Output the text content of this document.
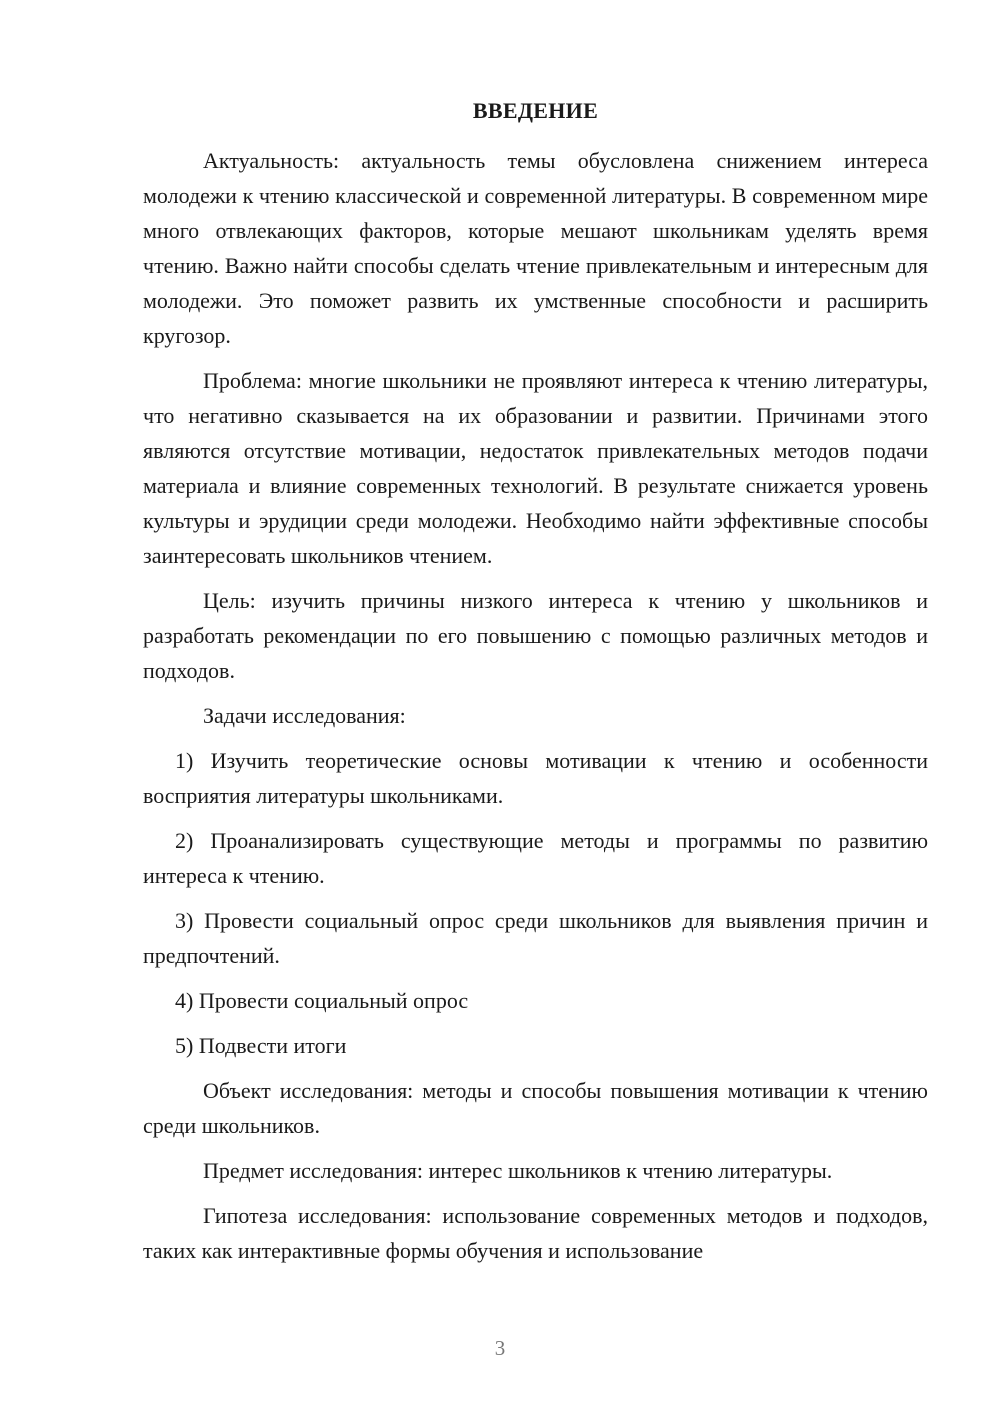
ВВЕДЕНИЕ

Актуальность: актуальность темы обусловлена снижением интереса молодежи к чтению классической и современной литературы. В современном мире много отвлекающих факторов, которые мешают школьникам уделять время чтению. Важно найти способы сделать чтение привлекательным и интересным для молодежи. Это поможет развить их умственные способности и расширить кругозор.

Проблема: многие школьники не проявляют интереса к чтению литературы, что негативно сказывается на их образовании и развитии. Причинами этого являются отсутствие мотивации, недостаток привлекательных методов подачи материала и влияние современных технологий. В результате снижается уровень культуры и эрудиции среди молодежи. Необходимо найти эффективные способы заинтересовать школьников чтением.

Цель: изучить причины низкого интереса к чтению у школьников и разработать рекомендации по его повышению с помощью различных методов и подходов.

Задачи исследования:

1) Изучить теоретические основы мотивации к чтению и особенности восприятия литературы школьниками.

2) Проанализировать существующие методы и программы по развитию интереса к чтению.

3) Провести социальный опрос среди школьников для выявления причин и предпочтений.

4) Провести социальный опрос

5) Подвести итоги

Объект исследования: методы и способы повышения мотивации к чтению среди школьников.

Предмет исследования: интерес школьников к чтению литературы.

Гипотеза исследования: использование современных методов и подходов, таких как интерактивные формы обучения и использование

3
